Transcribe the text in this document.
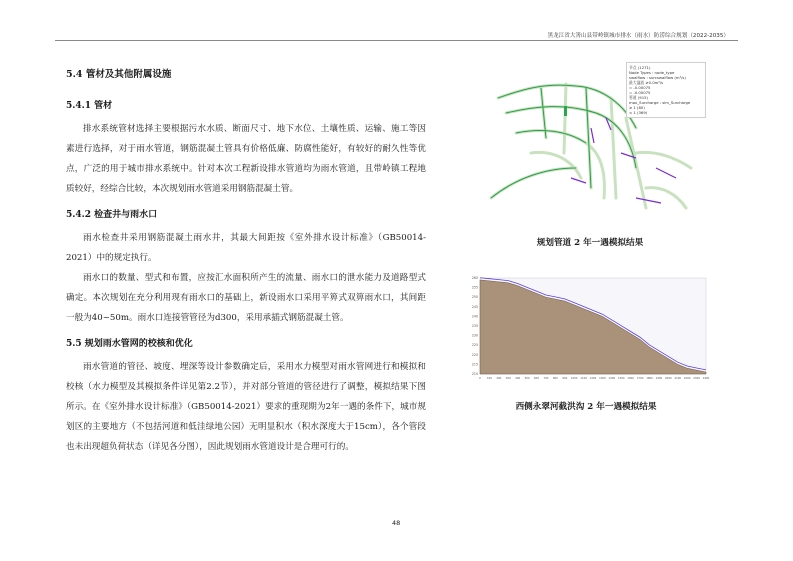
黑龙江省大箐山县带岭镇城市排水（雨水）防涝综合规划（2022-2035）
5.4 管材及其他附属设施
5.4.1 管材

排水系统管材选择主要根据污水水质、断面尺寸、地下水位、土壤性质、运输、施工等因素进行选择，对于雨水管道，钢筋混凝土管具有价格低廉、防腐性能好，有较好的耐久性等优点，广泛的用于城市排水系统中。针对本次工程新设排水管道均为雨水管道，且带岭镇工程地质较好，经综合比较，本次规划雨水管道采用钢筋混凝土管。

5.4.2 检查井与雨水口

雨水检查井采用钢筋混凝土雨水井，其最大间距按《室外排水设计标准》（GB50014-2021）中的规定执行。

雨水口的数量、型式和布置，应按汇水面积所产生的流量、雨水口的泄水能力及道路型式确定。本次规划在充分利用现有雨水口的基础上，新设雨水口采用平箅式双箅雨水口，其间距一般为40~50m。雨水口连接管管径为d300，采用承插式钢筋混凝土管。

5.5 规划雨水管网的校核和优化

雨水管道的管径、坡度、埋深等设计参数确定后，采用水力模型对雨水管网进行和模拟和校核（水力模型及其模拟条件详见第2.2节），并对部分管道的管径进行了调整，模拟结果下图所示。在《室外排水设计标准》（GB50014-2021）要求的重现期为2年一遇的条件下，城市规划区的主要地方（不包括河道和低洼绿地公园）无明显积水（积水深度大于15cm），各个管段也未出现超负荷状态（详见各分图），因此规划雨水管道设计是合理可行的。

节点 (1271)
Node Types : node_type
swalflow : surcswalflow (m³/s)
最大溢流 ≥0.0m³/s
= -0.00075
= -0.00075
管道 (915)
max_Surcharge : sim_Surcharge
≥ 1 (80)
< 1 (369)
规划管道 2 年一遇模拟结果
260
255
250
245
240
235
230
225
220
215
210
0 100 200 300 400 500 600 700 800 900 1000 1100 1200 1300 1400 1500 1600 1700 1800 1900 2000 2100 2200 2300 2400
西侧永翠河截洪沟 2 年一遇模拟结果
48
